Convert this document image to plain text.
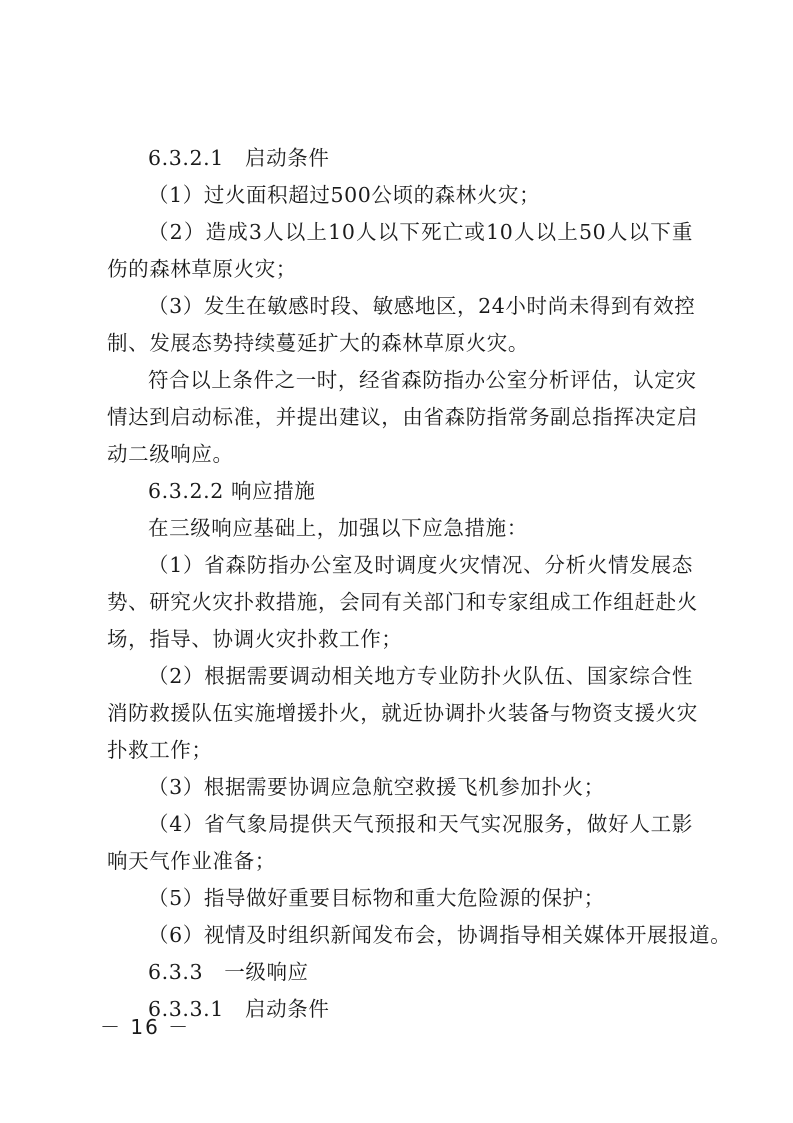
6.3.2.1　启动条件
（1）过火面积超过500公顷的森林火灾；
（2）造成3人以上10人以下死亡或10人以上50人以下重
伤的森林草原火灾；
（3）发生在敏感时段、敏感地区，24小时尚未得到有效控
制、发展态势持续蔓延扩大的森林草原火灾。
符合以上条件之一时，经省森防指办公室分析评估，认定灾
情达到启动标准，并提出建议，由省森防指常务副总指挥决定启
动二级响应。
6.3.2.2 响应措施
在三级响应基础上，加强以下应急措施：
（1）省森防指办公室及时调度火灾情况、分析火情发展态
势、研究火灾扑救措施，会同有关部门和专家组成工作组赶赴火
场，指导、协调火灾扑救工作；
（2）根据需要调动相关地方专业防扑火队伍、国家综合性
消防救援队伍实施增援扑火，就近协调扑火装备与物资支援火灾
扑救工作；
（3）根据需要协调应急航空救援飞机参加扑火；
（4）省气象局提供天气预报和天气实况服务，做好人工影
响天气作业准备；
（5）指导做好重要目标物和重大危险源的保护；
（6）视情及时组织新闻发布会，协调指导相关媒体开展报道。
6.3.3　一级响应
6.3.3.1　启动条件
－ 16 －
